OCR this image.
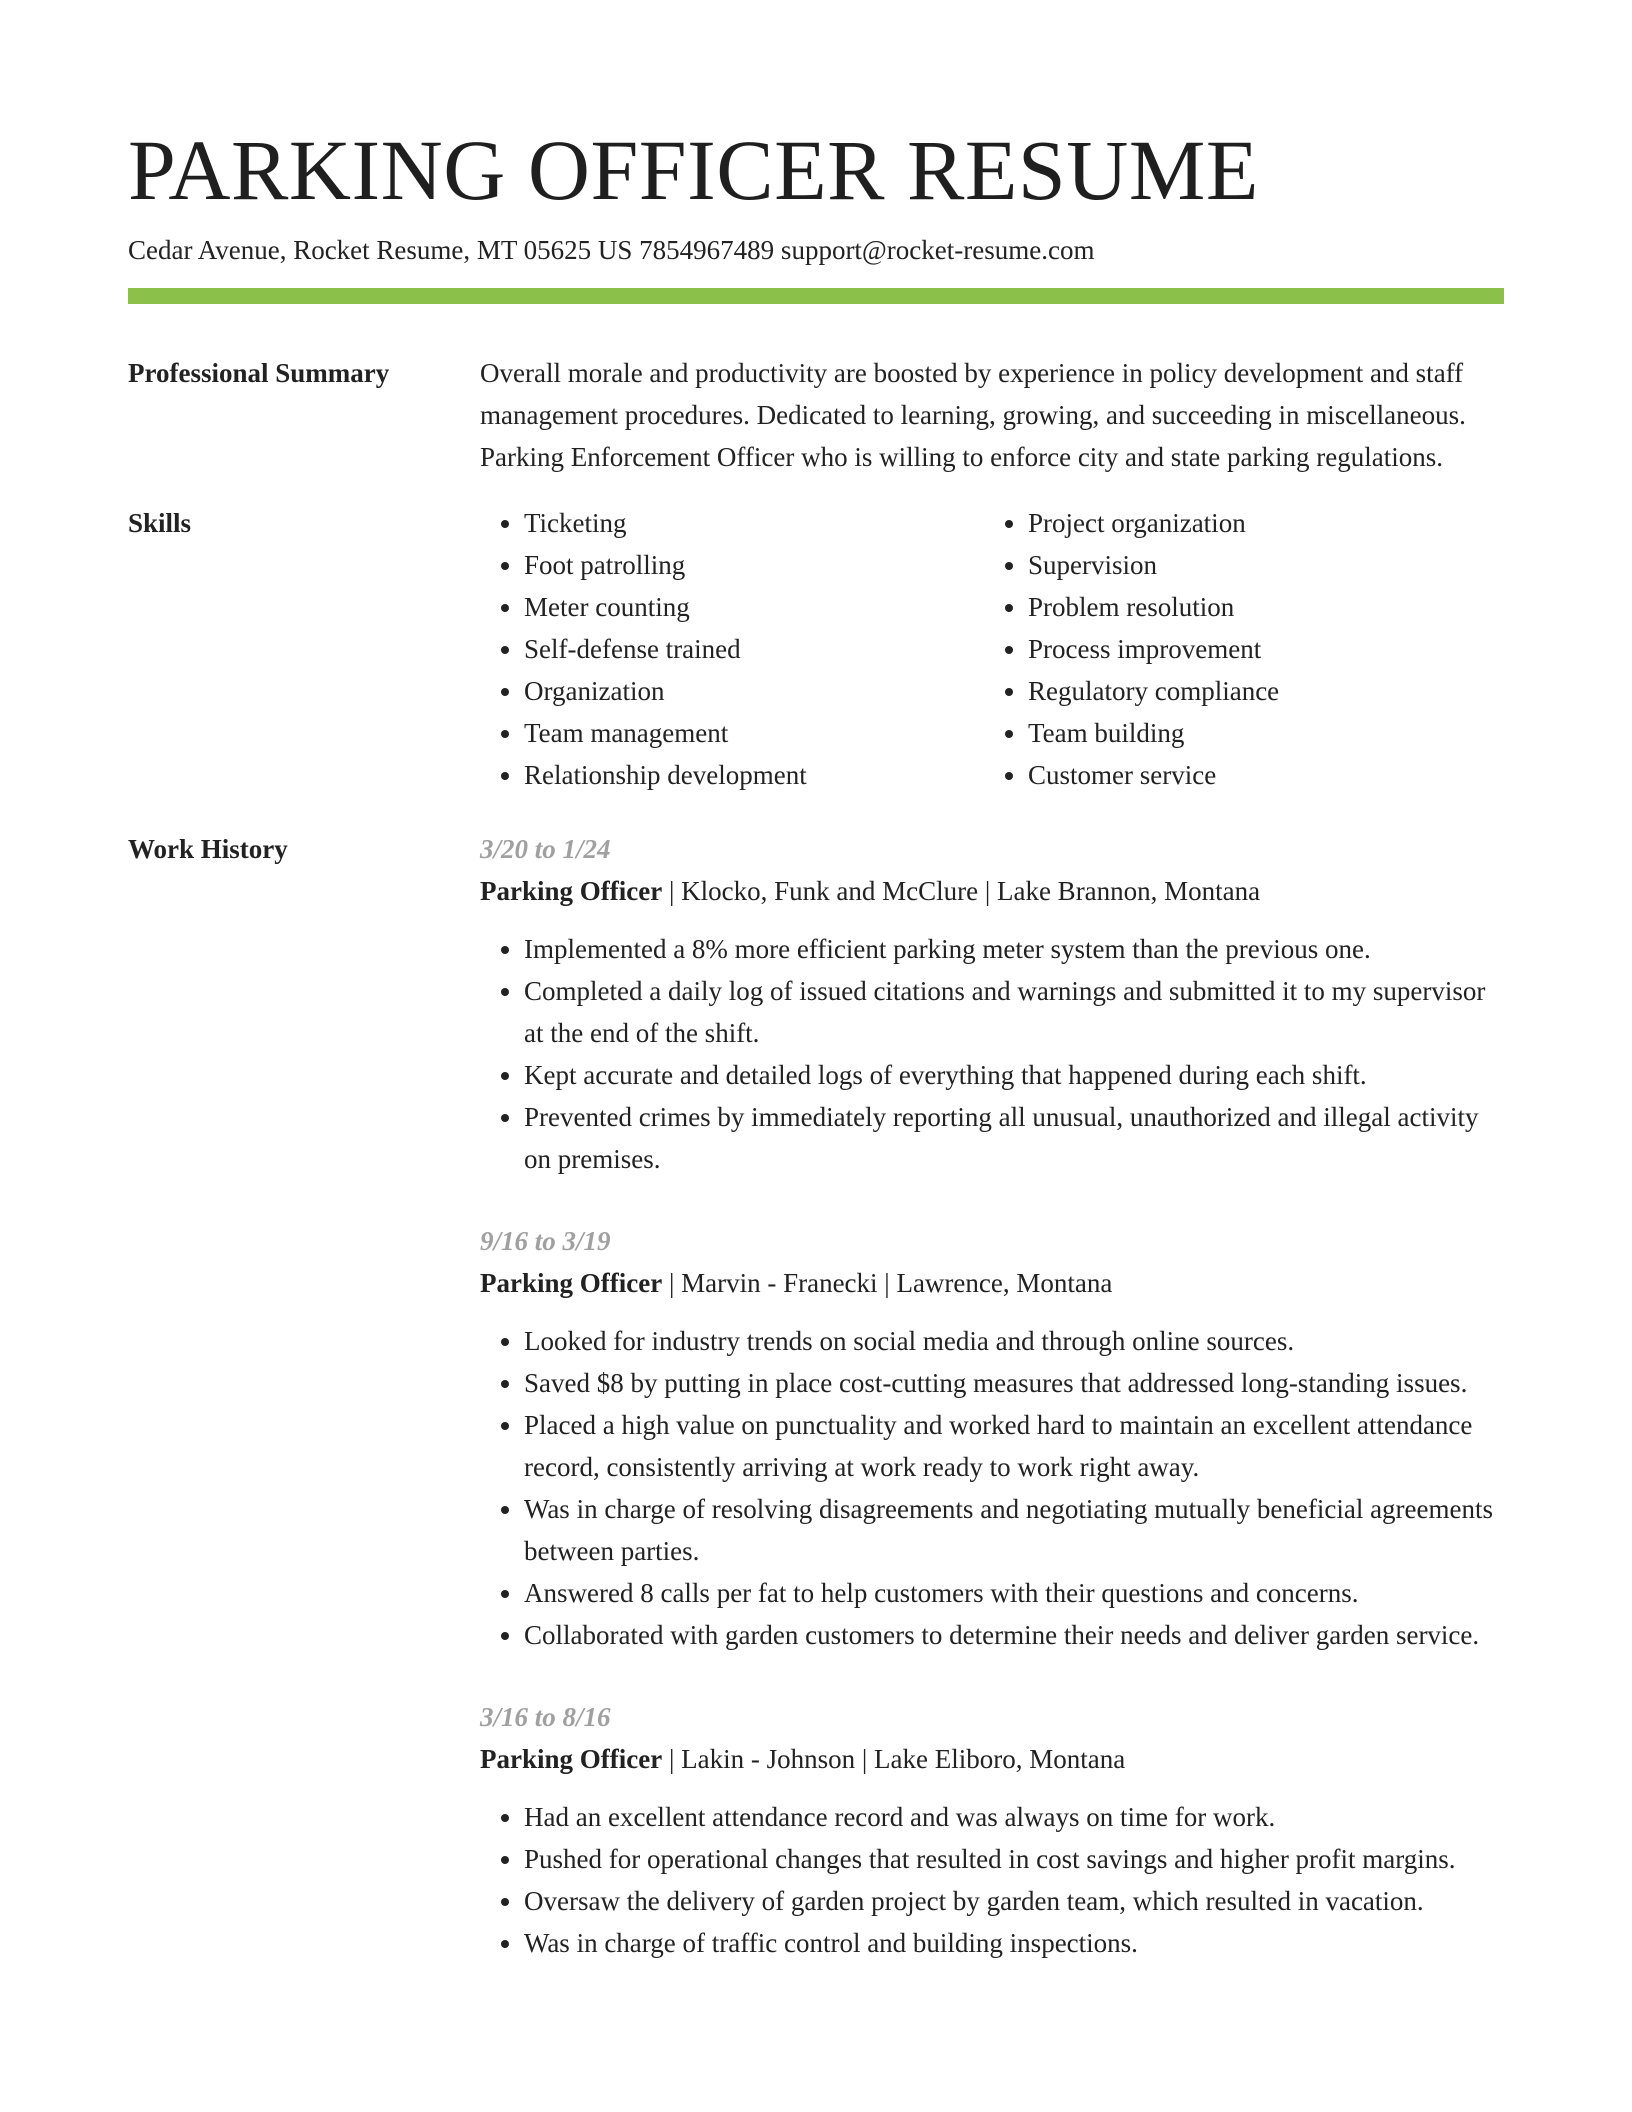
PARKING OFFICER RESUME
Cedar Avenue, Rocket Resume, MT 05625 US 7854967489 support@rocket-resume.com
Professional Summary	Overall morale and productivity are boosted by experience in policy development and staff management procedures. Dedicated to learning, growing, and succeeding in miscellaneous. Parking Enforcement Officer who is willing to enforce city and state parking regulations.

Skills
•	Ticketing
• Foot patrolling
• Meter counting
• Self-defense trained
• Organization
• Team management
• Relationship development
• Project organization
• Supervision
• Problem resolution
• Process improvement
• Regulatory compliance
• Team building
• Customer service
Work History	3/20 to 1/24
Parking Officer | Klocko, Funk and McClure | Lake Brannon, Montana
• Implemented a 8% more efficient parking meter system than the previous one.
• Completed a daily log of issued citations and warnings and submitted it to my supervisor at the end of the shift.
• Kept accurate and detailed logs of everything that happened during each shift.
• Prevented crimes by immediately reporting all unusual, unauthorized and illegal activity on premises.
9/16 to 3/19
Parking Officer | Marvin - Franecki | Lawrence, Montana
• Looked for industry trends on social media and through online sources.
• Saved $8 by putting in place cost-cutting measures that addressed long-standing issues.
• Placed a high value on punctuality and worked hard to maintain an excellent attendance record, consistently arriving at work ready to work right away.
• Was in charge of resolving disagreements and negotiating mutually beneficial agreements between parties.
• Answered 8 calls per fat to help customers with their questions and concerns.
• Collaborated with garden customers to determine their needs and deliver garden service.
3/16 to 8/16
Parking Officer | Lakin - Johnson | Lake Eliboro, Montana
• Had an excellent attendance record and was always on time for work.
• Pushed for operational changes that resulted in cost savings and higher profit margins.
• Oversaw the delivery of garden project by garden team, which resulted in vacation.
• Was in charge of traffic control and building inspections.
